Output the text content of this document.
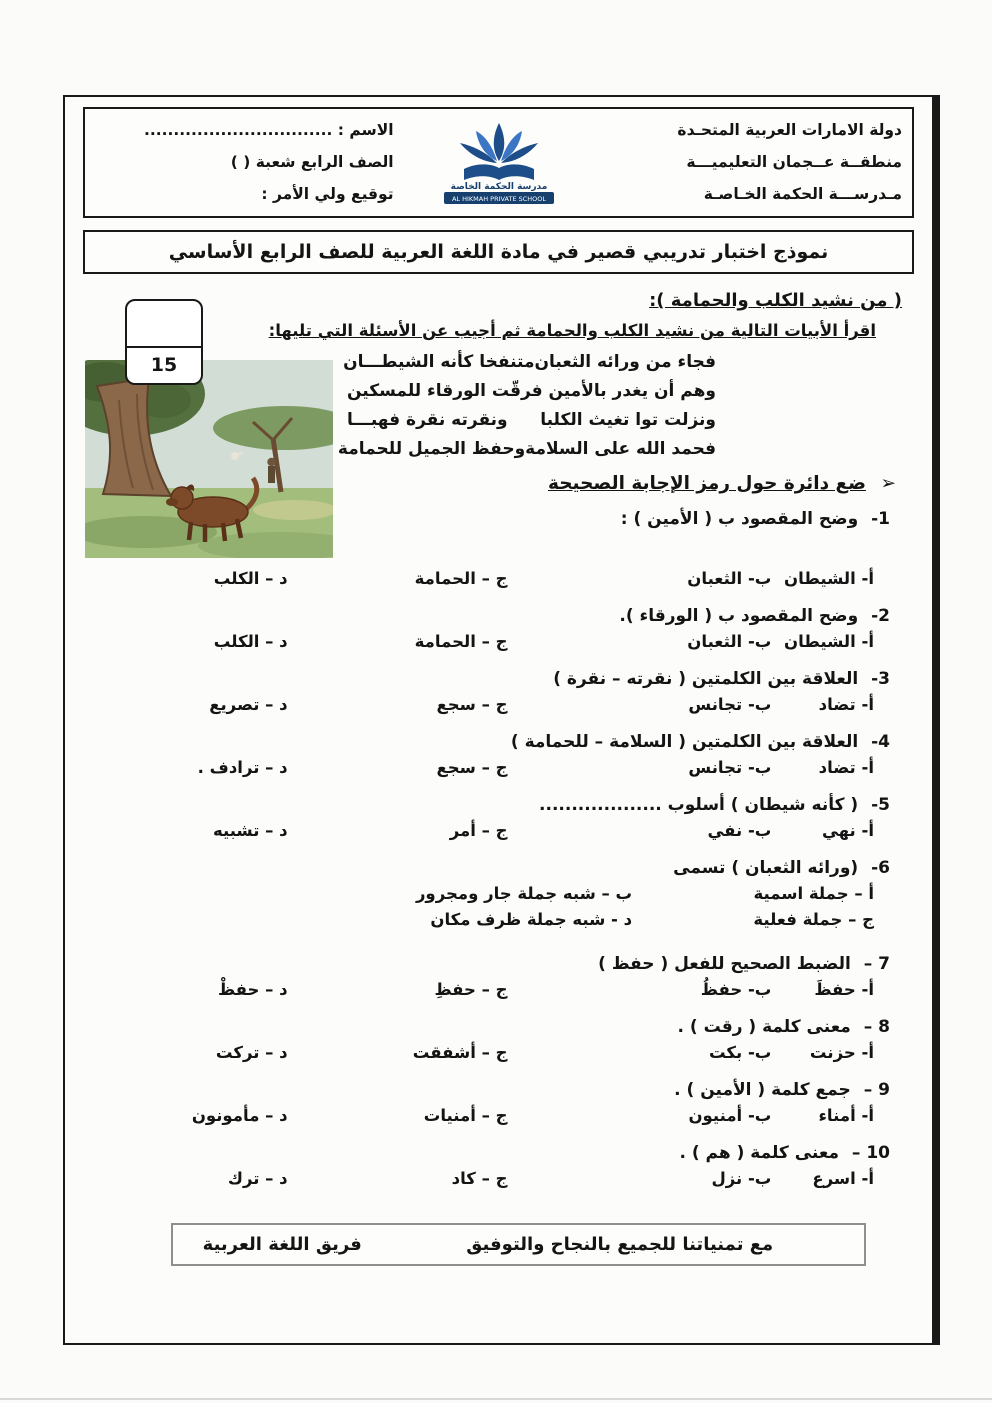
15
دولة الامارات العربية المتحـدة
منطقــة عــجمان التعليميـــة
مـدرســـة الحكمة الخـاصـة
مدرسة الحكمة الخاصة
AL HIKMAH PRIVATE SCHOOL
الاسم : ................................
الصف الرابع شعبة ( )
توقيع ولي الأمر :
نموذج اختبار تدريبي قصير في مادة اللغة العربية للصف الرابع الأساسي
( من نشيد الكلب والحمامة ):
اقرأ الأبيات التالية من نشيد الكلب والحمامة ثم أجيب عن الأسئلة التي تليها:
فجاء من ورائه الثعبان
متنفخا كأنه الشيطـــان
وهم أن يغدر بالأمين
فرقّت الورقاء للمسكين
ونزلت توا تغيث الكلبا
ونقرته نقرة فهبـــا
فحمد الله على السلامة
وحفظ الجميل للحمامة
➢ ضع دائرة حول رمز الإجابة الصحيحة
1- وضح المقصود ب ( الأمين ) :
أ- الشيطان
ب- الثعبان
ج – الحمامة
د – الكلب
2- وضح المقصود ب ( الورقاء ).
أ- الشيطان
ب- الثعبان
ج – الحمامة
د – الكلب
3- العلاقة بين الكلمتين ( نقرته – نقرة )
أ- تضاد
ب- تجانس
ج – سجع
د – تصريع
4- العلاقة بين الكلمتين ( السلامة – للحمامة )
أ- تضاد
ب- تجانس
ج – سجع
د – ترادف .
5- ( كأنه شيطان ) أسلوب ...................
أ- نهي
ب- نفي
ج – أمر
د – تشبيه
6- (ورائه الثعبان ) تسمى
أ – جملة اسمية
ب – شبه جملة جار ومجرور
ج – جملة فعلية
د - شبه جملة ظرف مكان
7 – الضبط الصحيح للفعل ( حفظ )
أ- حفظَ
ب- حفظُ
ج – حفظِ
د – حفظْ
8 – معنى كلمة ( رقت ) .
أ- حزنت
ب- بكت
ج – أشفقت
د – تركت
9 – جمع كلمة ( الأمين ) .
أ- أمناء
ب- أمنيون
ج – أمنيات
د – مأمونون
10 – معنى كلمة ( هم ) .
أ- اسرع
ب- نزل
ج – كاد
د – ترك
مع تمنياتنا للجميع بالنجاح والتوفيق
فريق اللغة العربية
